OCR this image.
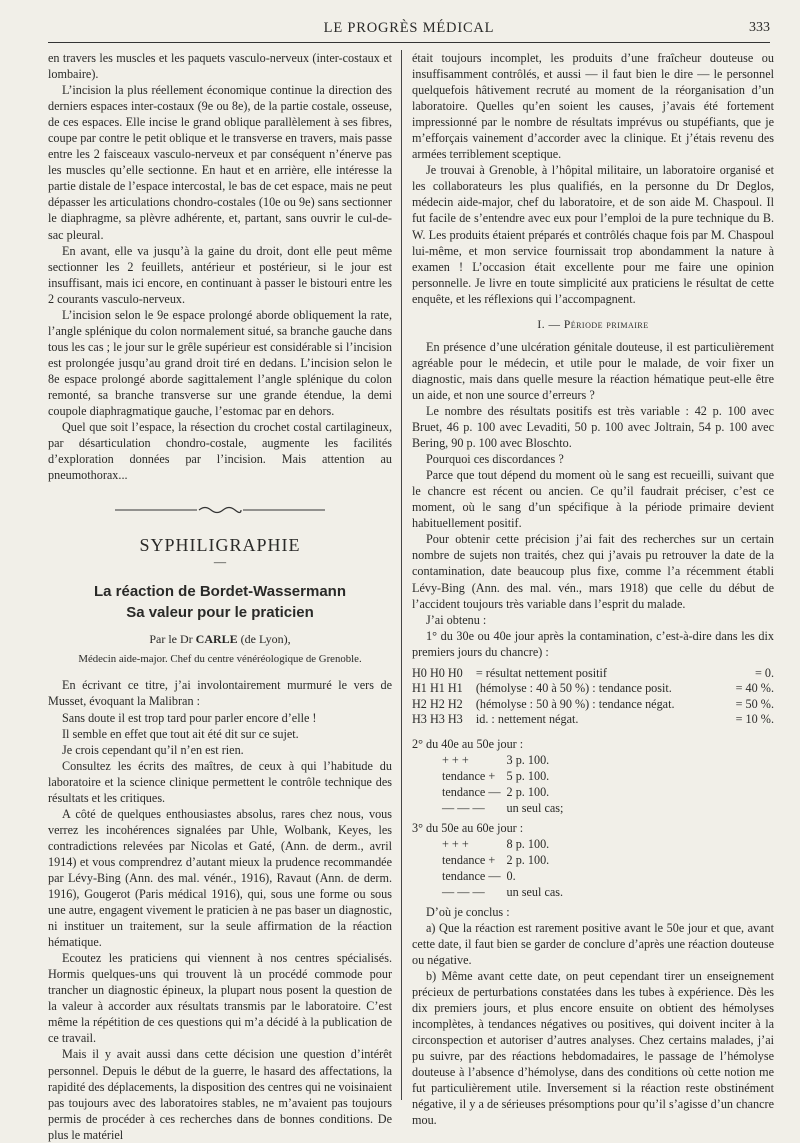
LE PROGRÈS MÉDICAL	333

en travers les muscles et les paquets vasculo-nerveux (inter-costaux et lombaire).

L’incision la plus réellement économique continue la direction des derniers espaces inter-costaux (9e ou 8e), de la partie costale, osseuse, de ces espaces. Elle incise le grand oblique parallèlement à ses fibres, coupe par contre le petit oblique et le transverse en travers, mais passe entre les 2 faisceaux vasculo-nerveux et par conséquent n’énerve pas les muscles qu’elle sectionne. En haut et en arrière, elle intéresse la partie distale de l’espace intercostal, le bas de cet espace, mais ne peut dépasser les articulations chondro-costales (10e ou 9e) sans sectionner le diaphragme, sa plèvre adhérente, et, partant, sans ouvrir le cul-de-sac pleural.

En avant, elle va jusqu’à la gaine du droit, dont elle peut même sectionner les 2 feuillets, antérieur et postérieur, si le jour est insuffisant, mais ici encore, en continuant à passer le bistouri entre les 2 courants vasculo-nerveux.

L’incision selon le 9e espace prolongé aborde obliquement la rate, l’angle splénique du colon normalement situé, sa branche gauche dans tous les cas ; le jour sur le grêle supérieur est considérable si l’incision est prolongée jusqu’au grand droit tiré en dedans. L’incision selon le 8e espace prolongé aborde sagittalement l’angle splénique du colon remonté, sa branche transverse sur une grande étendue, la demi coupole diaphragmatique gauche, l’estomac par en dehors.

Quel que soit l’espace, la résection du crochet costal cartilagineux, par désarticulation chondro-costale, augmente les facilités d’exploration données par l’incision. Mais attention au pneumothorax...

SYPHILIGRAPHIE
—
La réaction de Bordet-Wassermann
Sa valeur pour le praticien
Par le Dr CARLE (de Lyon),
Médecin aide-major. Chef du centre vénéréologique de Grenoble.

En écrivant ce titre, j’ai involontairement murmuré le vers de Musset, évoquant la Malibran :

Sans doute il est trop tard pour parler encore d’elle !

Il semble en effet que tout ait été dit sur ce sujet.

Je crois cependant qu’il n’en est rien.

Consultez les écrits des maîtres, de ceux à qui l’habitude du laboratoire et la science clinique permettent le contrôle technique des résultats et les critiques.

A côté de quelques enthousiastes absolus, rares chez nous, vous verrez les incohérences signalées par Uhle, Wolbank, Keyes, les contradictions relevées par Nicolas et Gaté, (Ann. de derm., avril 1914) et vous comprendrez d’autant mieux la prudence recommandée par Lévy-Bing (Ann. des mal. vénér., 1916), Ravaut (Ann. de derm. 1916), Gougerot (Paris médical 1916), qui, sous une forme ou sous une autre, engagent vivement le praticien à ne pas baser un diagnostic, ni instituer un traitement, sur la seule affirmation de la réaction hématique.

Ecoutez les praticiens qui viennent à nos centres spécialisés. Hormis quelques-uns qui trouvent là un procédé commode pour trancher un diagnostic épineux, la plupart nous posent la question de la valeur à accorder aux résultats transmis par le laboratoire. C’est même la répétition de ces questions qui m’a décidé à la publication de ce travail.

Mais il y avait aussi dans cette décision une question d’intérêt personnel. Depuis le début de la guerre, le hasard des affectations, la rapidité des déplacements, la disposition des centres qui ne voisinaient pas toujours avec des laboratoires stables, ne m’avaient pas toujours permis de procéder à ces recherches dans de bonnes conditions. De plus le matériel

était toujours incomplet, les produits d’une fraîcheur douteuse ou insuffisamment contrôlés, et aussi — il faut bien le dire — le personnel quelquefois hâtivement recruté au moment de la réorganisation d’un laboratoire. Quelles qu’en soient les causes, j’avais été fortement impressionné par le nombre de résultats imprévus ou stupéfiants, que je m’efforçais vainement d’accorder avec la clinique. Et j’étais revenu des armées terriblement sceptique.

Je trouvai à Grenoble, à l’hôpital militaire, un laboratoire organisé et les collaborateurs les plus qualifiés, en la personne du Dr Deglos, médecin aide-major, chef du laboratoire, et de son aide M. Chaspoul. Il fut facile de s’entendre avec eux pour l’emploi de la pure technique du B. W. Les produits étaient préparés et contrôlés chaque fois par M. Chaspoul lui-même, et mon service fournissait trop abondamment la nature à examen ! L’occasion était excellente pour me faire une opinion personnelle. Je livre en toute simplicité aux praticiens le résultat de cette enquête, et les réflexions qui l’accompagnent.

I. — Période primaire

En présence d’une ulcération génitale douteuse, il est particulièrement agréable pour le médecin, et utile pour le malade, de voir fixer un diagnostic, mais dans quelle mesure la réaction hématique peut-elle être un aide, et non une source d’erreurs ?

Le nombre des résultats positifs est très variable : 42 p. 100 avec Bruet, 46 p. 100 avec Levaditi, 50 p. 100 avec Joltrain, 54 p. 100 avec Bering, 90 p. 100 avec Bloschto.

Pourquoi ces discordances ?

Parce que tout dépend du moment où le sang est recueilli, suivant que le chancre est récent ou ancien. Ce qu’il faudrait préciser, c’est ce moment, où le sang d’un spécifique à la période primaire devient habituellement positif.

Pour obtenir cette précision j’ai fait des recherches sur un certain nombre de sujets non traités, chez qui j’avais pu retrouver la date de la contamination, date beaucoup plus fixe, comme l’a récemment établi Lévy-Bing (Ann. des mal. vén., mars 1918) que celle du début de l’accident toujours très variable dans l’esprit du malade.

J’ai obtenu :

1° du 30e ou 40e jour après la contamination, c’est-à-dire dans les dix premiers jours du chancre) :

H0 H0 H0	= résultat nettement positif	= 0.
H1 H1 H1	(hémolyse : 40 à 50 %) : tendance posit.	= 40 %.
H2 H2 H2	(hémolyse : 50 à 90 %) : tendance négat.	= 50 %.
H3 H3 H3	id. : nettement négat.	= 10 %.

2° du 40e au 50e jour :

+ + +	3 p. 100.
tendance +	5 p. 100.
tendance —	2 p. 100.
— — —	un seul cas;

3° du 50e au 60e jour :

+ + +	8 p. 100.
tendance +	2 p. 100.
tendance —	0.
— — —	un seul cas.

D’où je conclus :

a) Que la réaction est rarement positive avant le 50e jour et que, avant cette date, il faut bien se garder de conclure d’après une réaction douteuse ou négative.

b) Même avant cette date, on peut cependant tirer un enseignement précieux de perturbations constatées dans les tubes à expérience. Dès les dix premiers jours, et plus encore ensuite on obtient des hémolyses incomplètes, à tendances négatives ou positives, qui doivent inciter à la circonspection et autoriser d’autres analyses. Chez certains malades, j’ai pu suivre, par des réactions hebdomadaires, le passage de l’hémolyse douteuse à l’absence d’hémolyse, dans des conditions où cette notion me fut particulièrement utile. Inversement si la réaction reste obstinément négative, il y a de sérieuses présomptions pour qu’il s’agisse d’un chancre mou.
